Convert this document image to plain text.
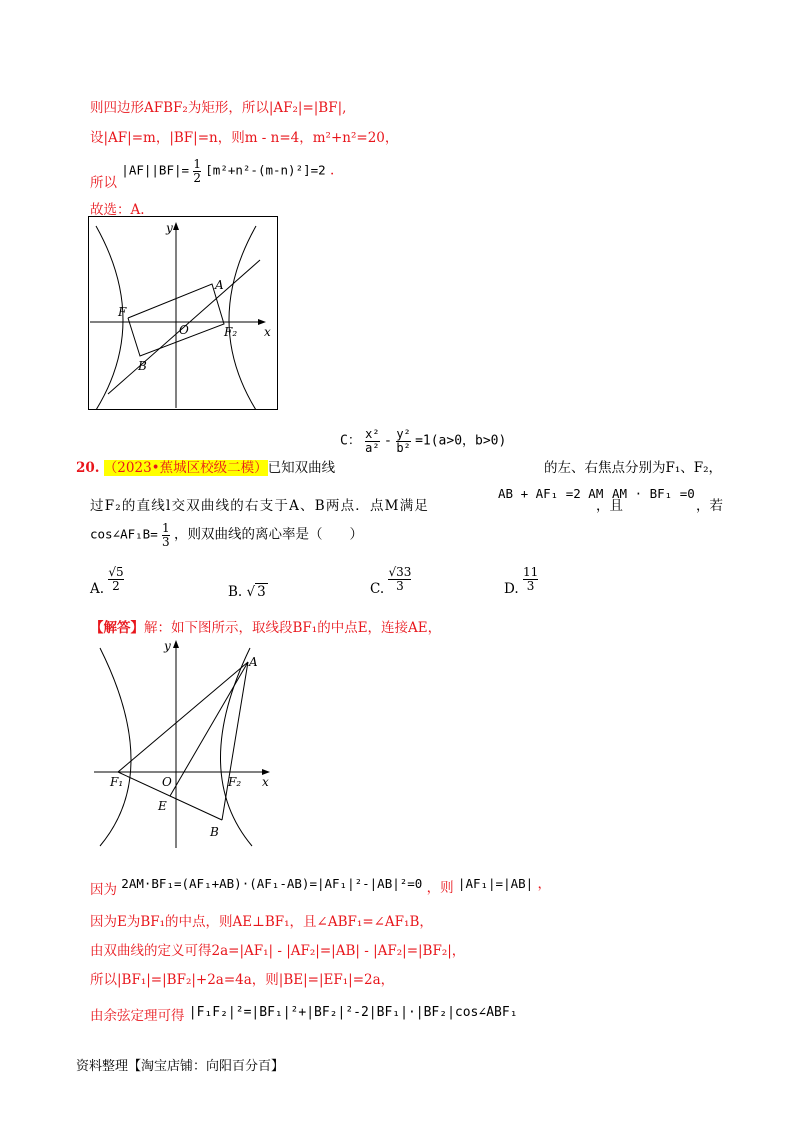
则四边形AFBF₂为矩形，所以|AF₂|=|BF|,
设|AF|=m，|BF|=n，则m - n=4，m²+n²=20，
所以 $|AF||BF|= \frac{1}{2} [m^2+n^2-(m-n)^2]=2$ .
故选：A.
y
x
A
F
O	F₂
B
C： $\frac{\text{x²}}{\text{a²}} - \frac{\text{y²}}{\text{b²}} =1(a>0$，b>0)
20. （2023•蕉城区校级二模）已知双曲线	的左、右焦点分别为F₁、F₂，
过F₂的直线l交双曲线的右支于A、B两点．点M满足
AB + AF₁ =2 AM
，且
AM · BF₁ =0
，若
cos∠AF₁B= $\frac{1}{3}$ ，则双曲线的离心率是（　　）
A. $\frac{√5}{2}$	B. √ 3	C. $\frac{√33}{3}$	D. $\frac{11}{3}$
【解答】解：如下图所示，取线段BF₁的中点E，连接AE，
y
x
A
F₁	O	F₂
E
B
因为 2AM·BF₁=(AF₁+AB)·(AF₁-AB)=|AF₁|²-|AB|²=0 ，则 |AF₁|=|AB| ，
因为E为BF₁的中点，则AE⊥BF₁，且∠ABF₁=∠AF₁B，
由双曲线的定义可得2a=|AF₁| - |AF₂|=|AB| - |AF₂|=|BF₂|，
所以|BF₁|=|BF₂|+2a=4a，则|BE|=|EF₁|=2a，
由余弦定理可得 |F₁F₂|²=|BF₁|²+|BF₂|²-2|BF₁|·|BF₂|cos∠ABF₁
资料整理【淘宝店铺：向阳百分百】
